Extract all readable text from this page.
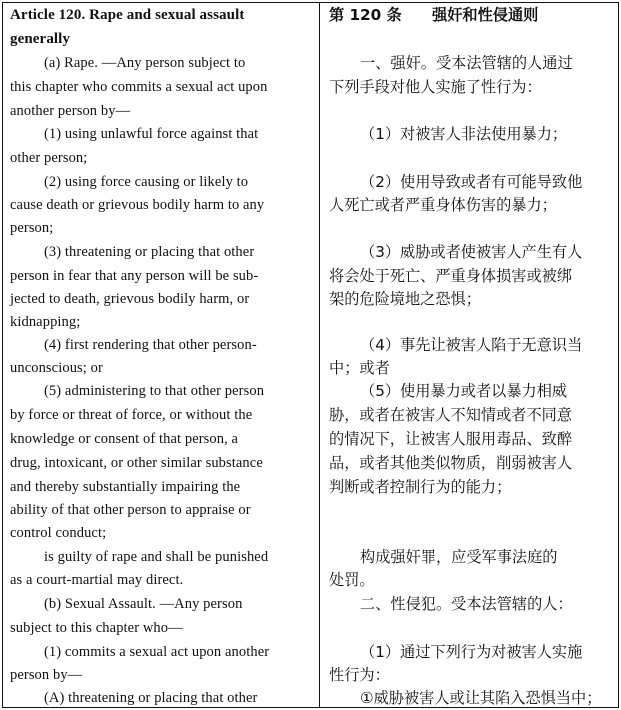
Article 120. Rape and sexual assault
generally
(a) Rape. —Any person subject to
this chapter who commits a sexual act upon
another person by—
(1) using unlawful force against that
other person;
(2) using force causing or likely to
cause death or grievous bodily harm to any
person;
(3) threatening or placing that other
person in fear that any person will be sub-
jected to death, grievous bodily harm, or
kidnapping;
(4) first rendering that other person-
unconscious; or
(5) administering to that other person
by force or threat of force, or without the
knowledge or consent of that person, a
drug, intoxicant, or other similar substance
and thereby substantially impairing the
ability of that other person to appraise or
control conduct;
is guilty of rape and shall be punished
as a court-martial may direct.
(b) Sexual Assault. —Any person
subject to this chapter who—
(1) commits a sexual act upon another
person by—
(A) threatening or placing that other
第 120 条　　强奸和性侵通则
一、强奸。受本法管辖的人通过
下列手段对他人实施了性行为：
（1）对被害人非法使用暴力；
（2）使用导致或者有可能导致他
人死亡或者严重身体伤害的暴力；
（3）威胁或者使被害人产生有人
将会处于死亡、严重身体损害或被绑
架的危险境地之恐惧；
（4）事先让被害人陷于无意识当
中；或者
（5）使用暴力或者以暴力相威
胁，或者在被害人不知情或者不同意
的情况下，让被害人服用毒品、致醉
品，或者其他类似物质，削弱被害人
判断或者控制行为的能力；
构成强奸罪，应受军事法庭的
处罚。
二、性侵犯。受本法管辖的人：
（1）通过下列行为对被害人实施
性行为：
①威胁被害人或让其陷入恐惧当中；
